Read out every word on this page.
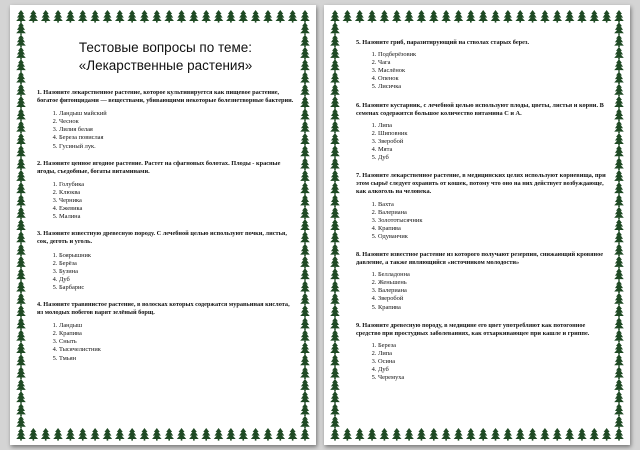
Тестовые вопросы по теме:
«Лекарственные растения»

1. Назовите лекарственное растение, которое культивируется как пищевое растение, богатое фитонцидами — веществами, убивающими некоторые болезнетворные бактерии.

1. Ландыш майский
2. Чеснок
3. Лилия белая
4. Береза повислая
5. Гусиный лук.

2. Назовите ценное ягодное растение. Растет на сфагновых болотах. Плоды - красные ягоды, съедобные, богаты витаминами.

1. Голубика
2. Клюква
3. Черника
4. Ежевика
5. Малина

3. Назовите известную древесную породу. С лечебной целью используют почки, листья, сок, деготь и уголь.

1. Боярышник
2. Берёза
3. Бузина
4. Дуб
5. Барбарис

4. Назовите травянистое растение, в волосках которых содержатся муравьиная кислота, из молодых побегов варят зелёный борщ.

1. Ландыш
2. Крапива
3. Сныть
4. Тысячелистник
5. Тмьян

5. Назовите гриб, паразитирующий на стволах старых берез.

1. Подберёзовик
2. Чага
3. Маслёнок
4. Опенок
5. Лисичка

6. Назовите кустарник, с лечебной целью используют плоды, цветы, листья и корни. В семенах содержится большое количество витамина С и А.

1. Липа
2. Шиповник
3. Зверобой
4. Мята
5. Дуб

7. Назовите лекарственное растение, в медицинских целях используют корневища, при этом сырьё следует охранять от кошек, потому что оно на них действует возбуждающе, как алкоголь на человека.

1. Вахта
2. Валериана
3. Золототысячник
4. Крапива
5. Одуванчик

8. Назовите известное растение из которого получают резерпин, снижающий кровяное давление, а также являющийся «источником молодости»

1. Белладонна
2. Женьшень
3. Валериана
4. Зверобой
5. Крапива

9. Назовите древесную породу, в медицине его цвет употребляют как потогонное средство при простудных заболеваниях, как отхаркивающее при кашле и гриппе.

1. Береза
2. Липа
3. Осина
4. Дуб
5. Черемуха
